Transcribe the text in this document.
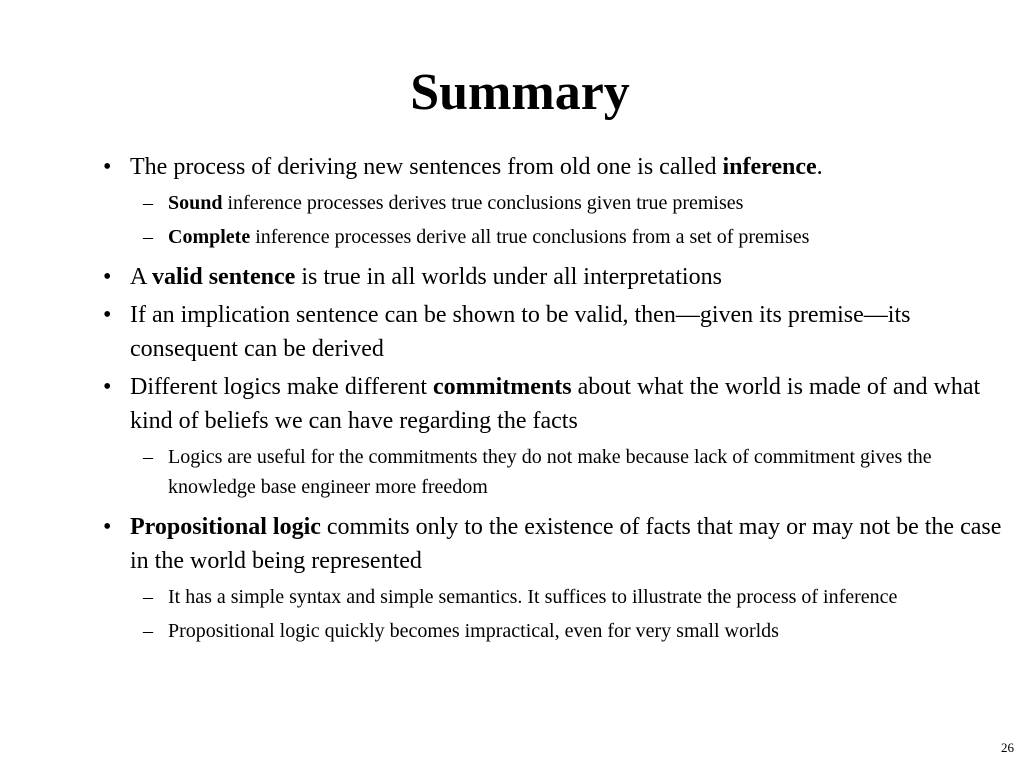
Summary

• The process of deriving new sentences from old one is called inference.

– Sound inference processes derives true conclusions given true premises

– Complete inference processes derive all true conclusions from a set of premises

• A valid sentence is true in all worlds under all interpretations

• If an implication sentence can be shown to be valid, then—given its premise—its consequent can be derived

• Different logics make different commitments about what the world is made of and what kind of beliefs we can have regarding the facts

– Logics are useful for the commitments they do not make because lack of commitment gives the knowledge base engineer more freedom

• Propositional logic commits only to the existence of facts that may or may not be the case in the world being represented

– It has a simple syntax and simple semantics. It suffices to illustrate the process of inference

– Propositional logic quickly becomes impractical, even for very small worlds

26
